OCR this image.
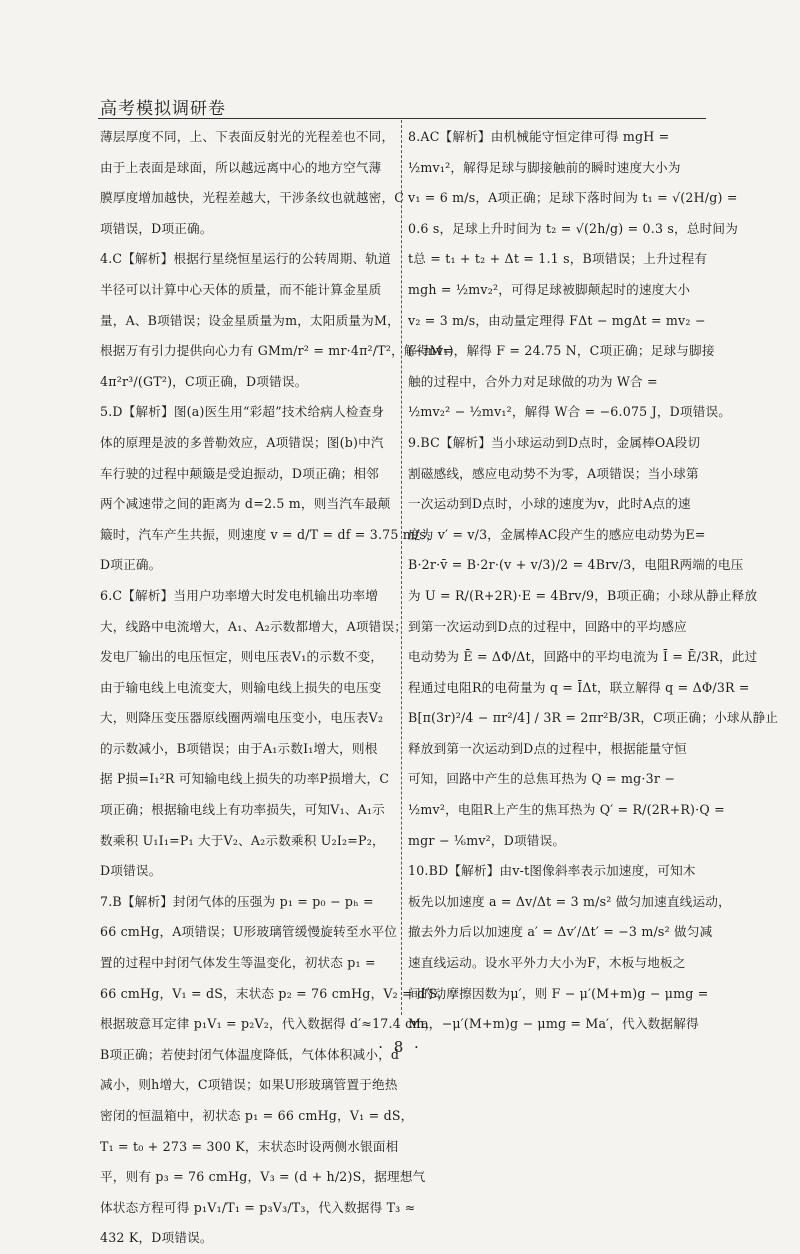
高考模拟调研卷
薄层厚度不同，上、下表面反射光的光程差也不同，
由于上表面是球面，所以越远离中心的地方空气薄
膜厚度增加越快，光程差越大，干涉条纹也就越密，C
项错误，D项正确。
4.C【解析】根据行星绕恒星运行的公转周期、轨道
半径可以计算中心天体的质量，而不能计算金星质
量，A、B项错误；设金星质量为m，太阳质量为M，
根据万有引力提供向心力有 GMm/r² = mr·4π²/T²，解得M=
4π²r³/(GT²)，C项正确，D项错误。
5.D【解析】图(a)医生用“彩超”技术给病人检查身
体的原理是波的多普勒效应，A项错误；图(b)中汽
车行驶的过程中颠簸是受迫振动，D项正确；相邻
两个减速带之间的距离为 d=2.5 m，则当汽车最颠
簸时，汽车产生共振，则速度 v = d/T = df = 3.75 m/s，
D项正确。
6.C【解析】当用户功率增大时发电机输出功率增
大，线路中电流增大，A₁、A₂示数都增大，A项错误；
发电厂输出的电压恒定，则电压表V₁的示数不变，
由于输电线上电流变大，则输电线上损失的电压变
大，则降压变压器原线圈两端电压变小，电压表V₂
的示数减小，B项错误；由于A₁示数I₁增大，则根
据 P损=I₁²R 可知输电线上损失的功率P损增大，C
项正确；根据输电线上有功率损失，可知V₁、A₁示
数乘积 U₁I₁=P₁ 大于V₂、A₂示数乘积 U₂I₂=P₂，
D项错误。
7.B【解析】封闭气体的压强为 p₁ = p₀ − pₕ =
66 cmHg，A项错误；U形玻璃管缓慢旋转至水平位
置的过程中封闭气体发生等温变化，初状态 p₁ =
66 cmHg，V₁ = dS，末状态 p₂ = 76 cmHg，V₂ = d′S，
根据玻意耳定律 p₁V₁ = p₂V₂，代入数据得 d′≈17.4 cm，
B项正确；若使封闭气体温度降低，气体体积减小，d
减小，则h增大，C项错误；如果U形玻璃管置于绝热
密闭的恒温箱中，初状态 p₁ = 66 cmHg，V₁ = dS，
T₁ = t₀ + 273 = 300 K，末状态时设两侧水银面相
平，则有 p₃ = 76 cmHg，V₃ = (d + h/2)S，据理想气
体状态方程可得 p₁V₁/T₁ = p₃V₃/T₃，代入数据得 T₃ ≈
432 K，D项错误。
8.AC【解析】由机械能守恒定律可得 mgH =
½mv₁²，解得足球与脚接触前的瞬时速度大小为
v₁ = 6 m/s，A项正确；足球下落时间为 t₁ = √(2H/g) =
0.6 s，足球上升时间为 t₂ = √(2h/g) = 0.3 s，总时间为
t总 = t₁ + t₂ + Δt = 1.1 s，B项错误；上升过程有
mgh = ½mv₂²，可得足球被脚颠起时的速度大小
v₂ = 3 m/s，由动量定理得 FΔt − mgΔt = mv₂ −
(−mv₁)，解得 F = 24.75 N，C项正确；足球与脚接
触的过程中，合外力对足球做的功为 W合 =
½mv₂² − ½mv₁²，解得 W合 = −6.075 J，D项错误。
9.BC【解析】当小球运动到D点时，金属棒OA段切
割磁感线，感应电动势不为零，A项错误；当小球第
一次运动到D点时，小球的速度为v，此时A点的速
度为 v′ = v/3，金属棒AC段产生的感应电动势为E=
B·2r·v̄ = B·2r·(v + v/3)/2 = 4Brv/3，电阻R两端的电压
为 U = R/(R+2R)·E = 4Brv/9，B项正确；小球从静止释放
到第一次运动到D点的过程中，回路中的平均感应
电动势为 Ē = ΔΦ/Δt，回路中的平均电流为 Ī = Ē/3R，此过
程通过电阻R的电荷量为 q = ĪΔt，联立解得 q = ΔΦ/3R =
B[π(3r)²/4 − πr²/4] / 3R = 2πr²B/3R，C项正确；小球从静止
释放到第一次运动到D点的过程中，根据能量守恒
可知，回路中产生的总焦耳热为 Q = mg·3r −
½mv²，电阻R上产生的焦耳热为 Q′ = R/(2R+R)·Q =
mgr − ⅙mv²，D项错误。
10.BD【解析】由v-t图像斜率表示加速度，可知木
板先以加速度 a = Δv/Δt = 3 m/s² 做匀加速直线运动，
撤去外力后以加速度 a′ = Δv′/Δt′ = −3 m/s² 做匀减
速直线运动。设水平外力大小为F，木板与地板之
间的动摩擦因数为μ′，则 F − μ′(M+m)g − μmg =
Ma，−μ′(M+m)g − μmg = Ma′，代入数据解得
· 8 ·
